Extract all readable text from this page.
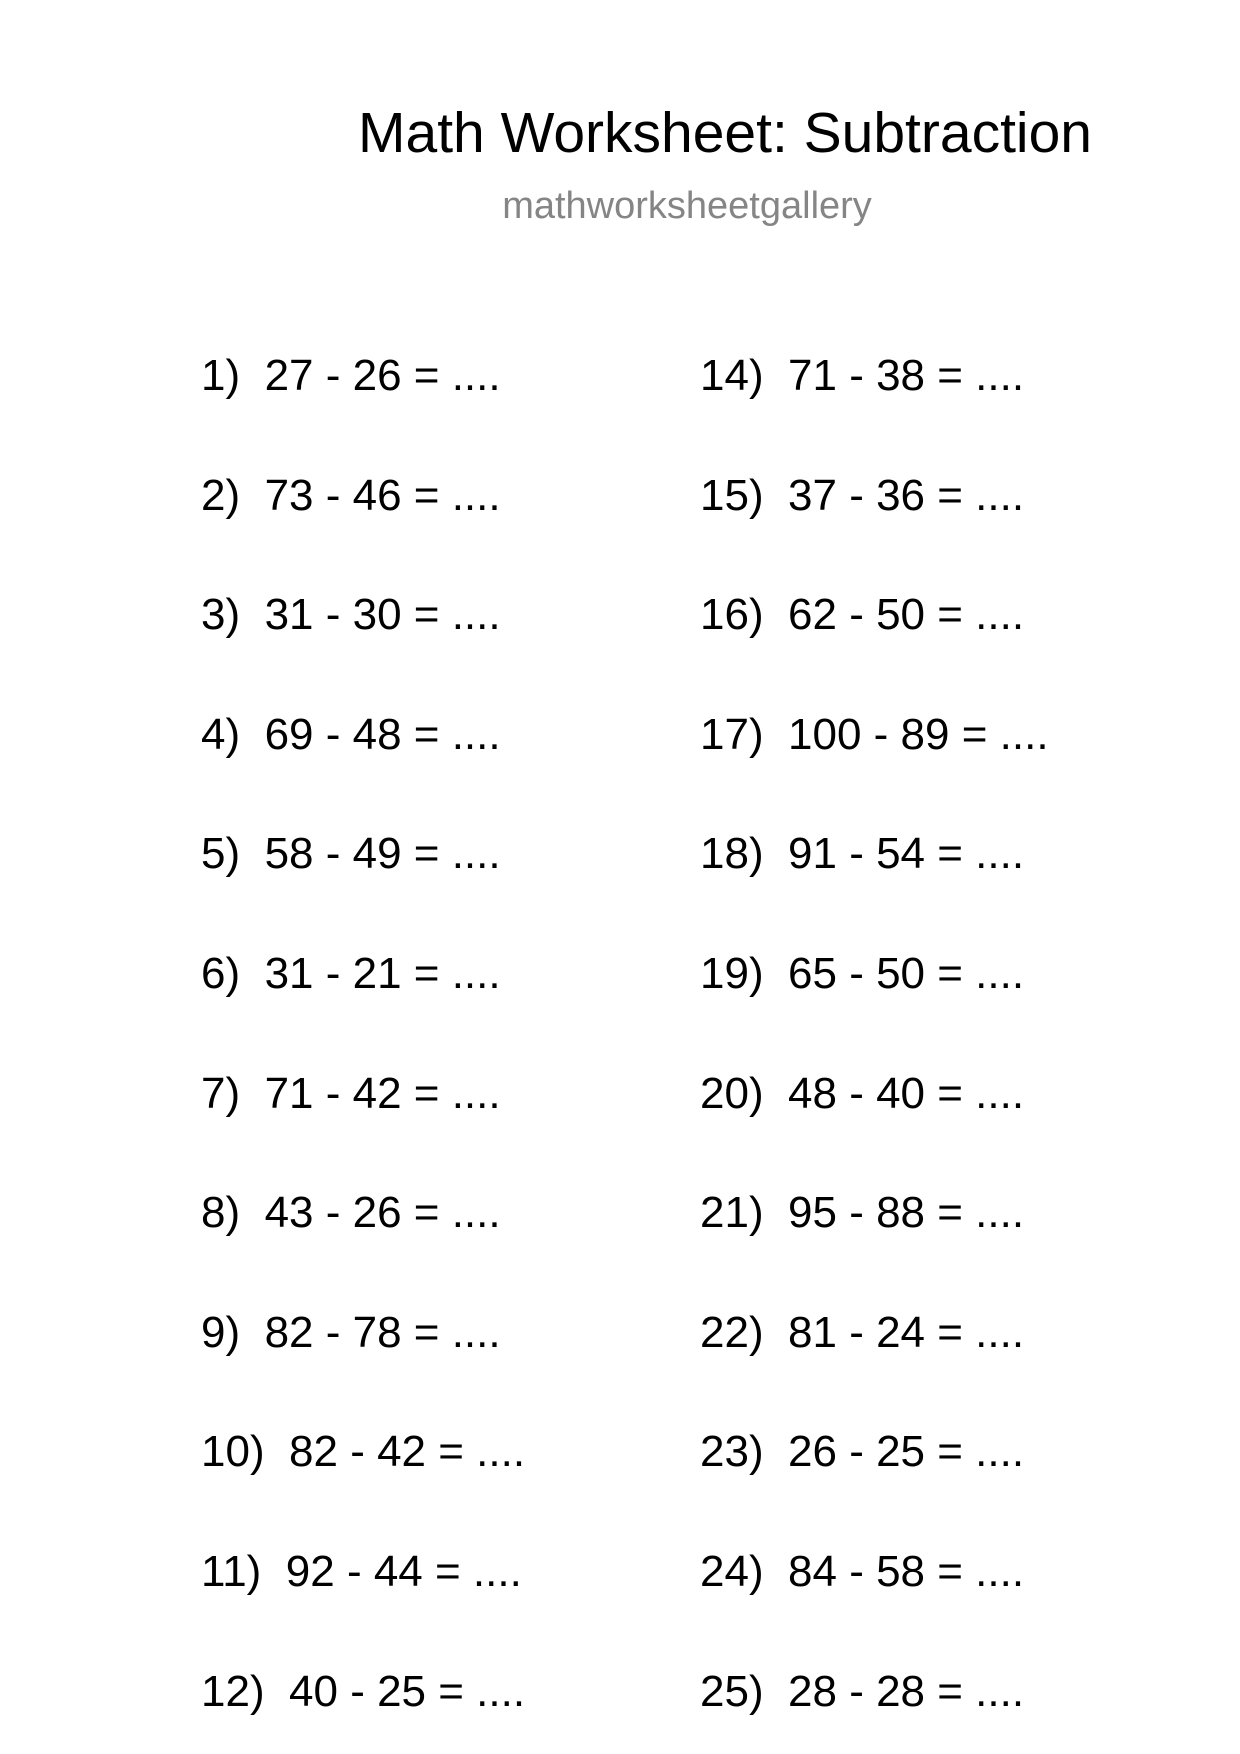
Math Worksheet: Subtraction
mathworksheetgallery
1) 27 - 26 = ....
2) 73 - 46 = ....
3) 31 - 30 = ....
4) 69 - 48 = ....
5) 58 - 49 = ....
6) 31 - 21 = ....
7) 71 - 42 = ....
8) 43 - 26 = ....
9) 82 - 78 = ....
10) 82 - 42 = ....
11) 92 - 44 = ....
12) 40 - 25 = ....
14) 71 - 38 = ....
15) 37 - 36 = ....
16) 62 - 50 = ....
17) 100 - 89 = ....
18) 91 - 54 = ....
19) 65 - 50 = ....
20) 48 - 40 = ....
21) 95 - 88 = ....
22) 81 - 24 = ....
23) 26 - 25 = ....
24) 84 - 58 = ....
25) 28 - 28 = ....
